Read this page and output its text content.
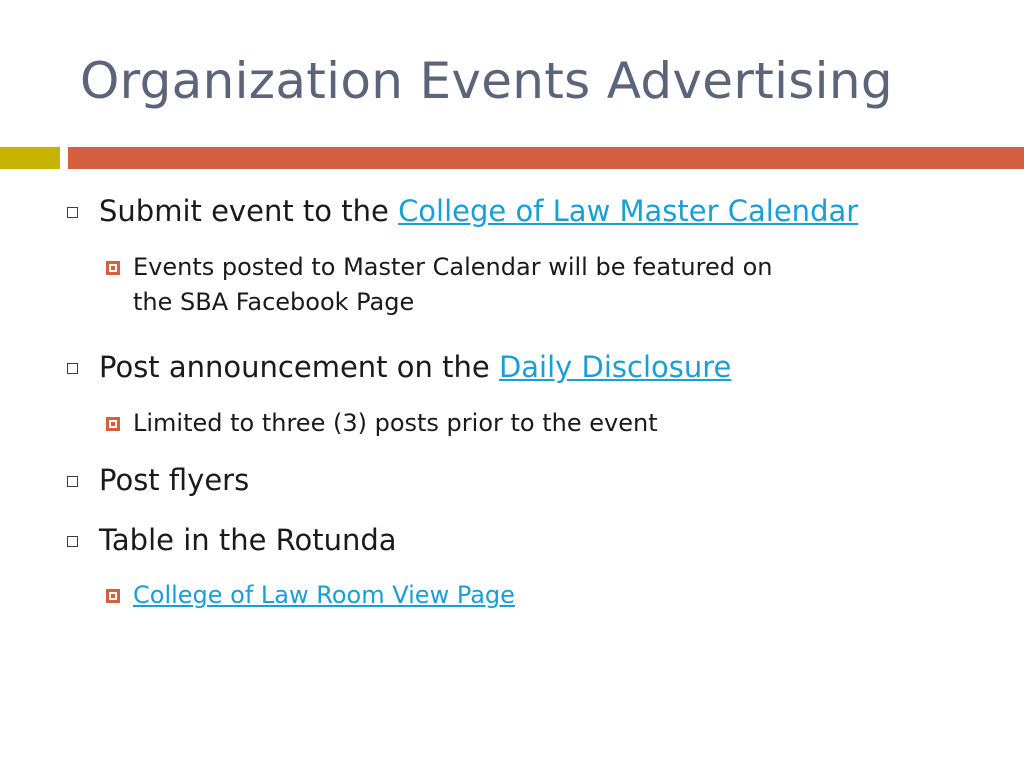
Organization Events Advertising
Submit event to the College of Law Master Calendar
Events posted to Master Calendar will be featured on
the SBA Facebook Page
Post announcement on the Daily Disclosure
Limited to three (3) posts prior to the event
Post flyers
Table in the Rotunda
College of Law Room View Page
